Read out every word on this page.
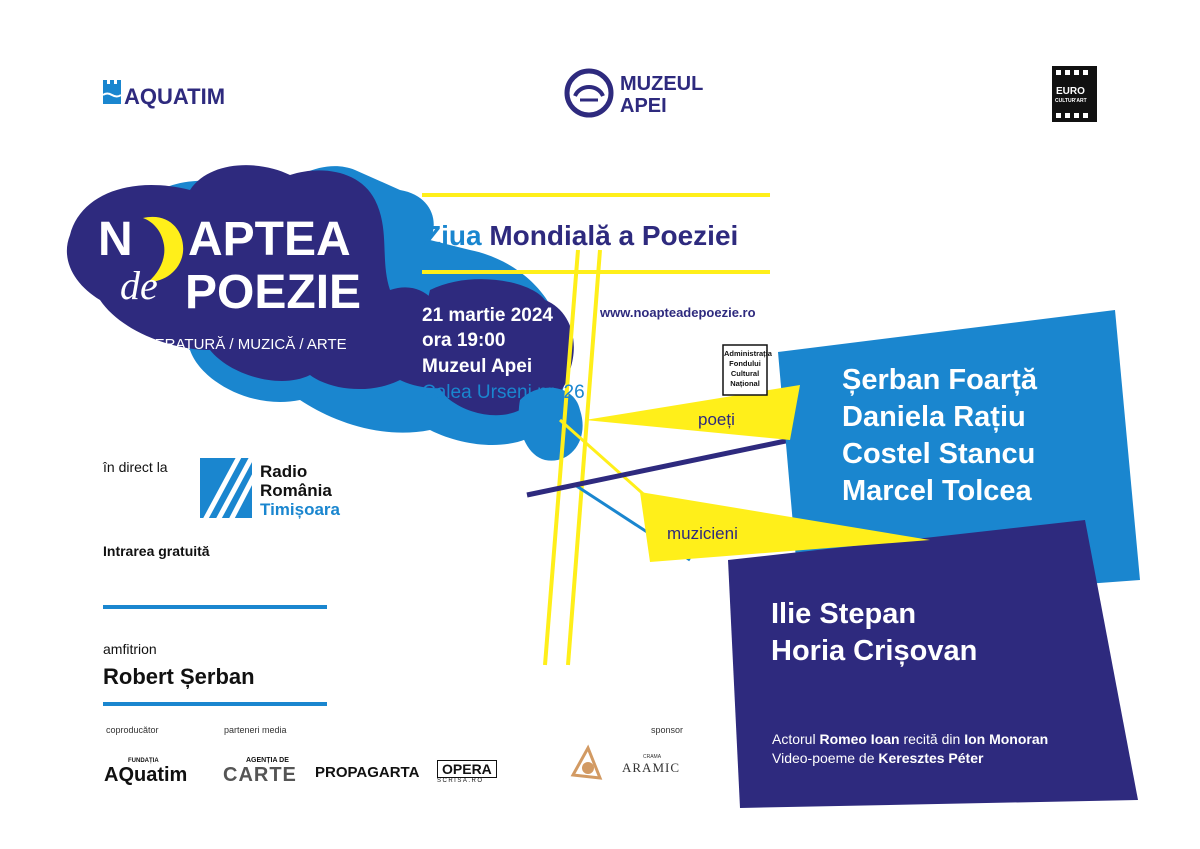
AQUATIM	MUZEUL
APEI
EURO
CULTUR'ART
N APTEA
de POEZIE
LITERATURĂ / MUZICĂ / ARTE
Ziua Mondială a Poeziei
www.noapteadepoezie.ro
21 martie 2024
ora 19:00
Muzeul Apei
Calea Urseni nr. 26
Administrația
Fondului
Cultural
Național
poeți
muzicieni
Șerban Foarță
Daniela Rațiu
Costel Stancu
Marcel Tolcea
Ilie Stepan
Horia Crișovan
Actorul Romeo Ioan recită din Ion Monoran
Video-poeme de Keresztes Péter
în direct la	Radio
România
Timișoara
Intrarea gratuită
amfitrion
Robert Șerban
coproducător	parteneri media	sponsor
FUNDAȚIA
AQuatim
AGENȚIA DE
CARTE PROPAGARTA	OPERA
SCRISA.RO
CRAMA
ARAMIC
